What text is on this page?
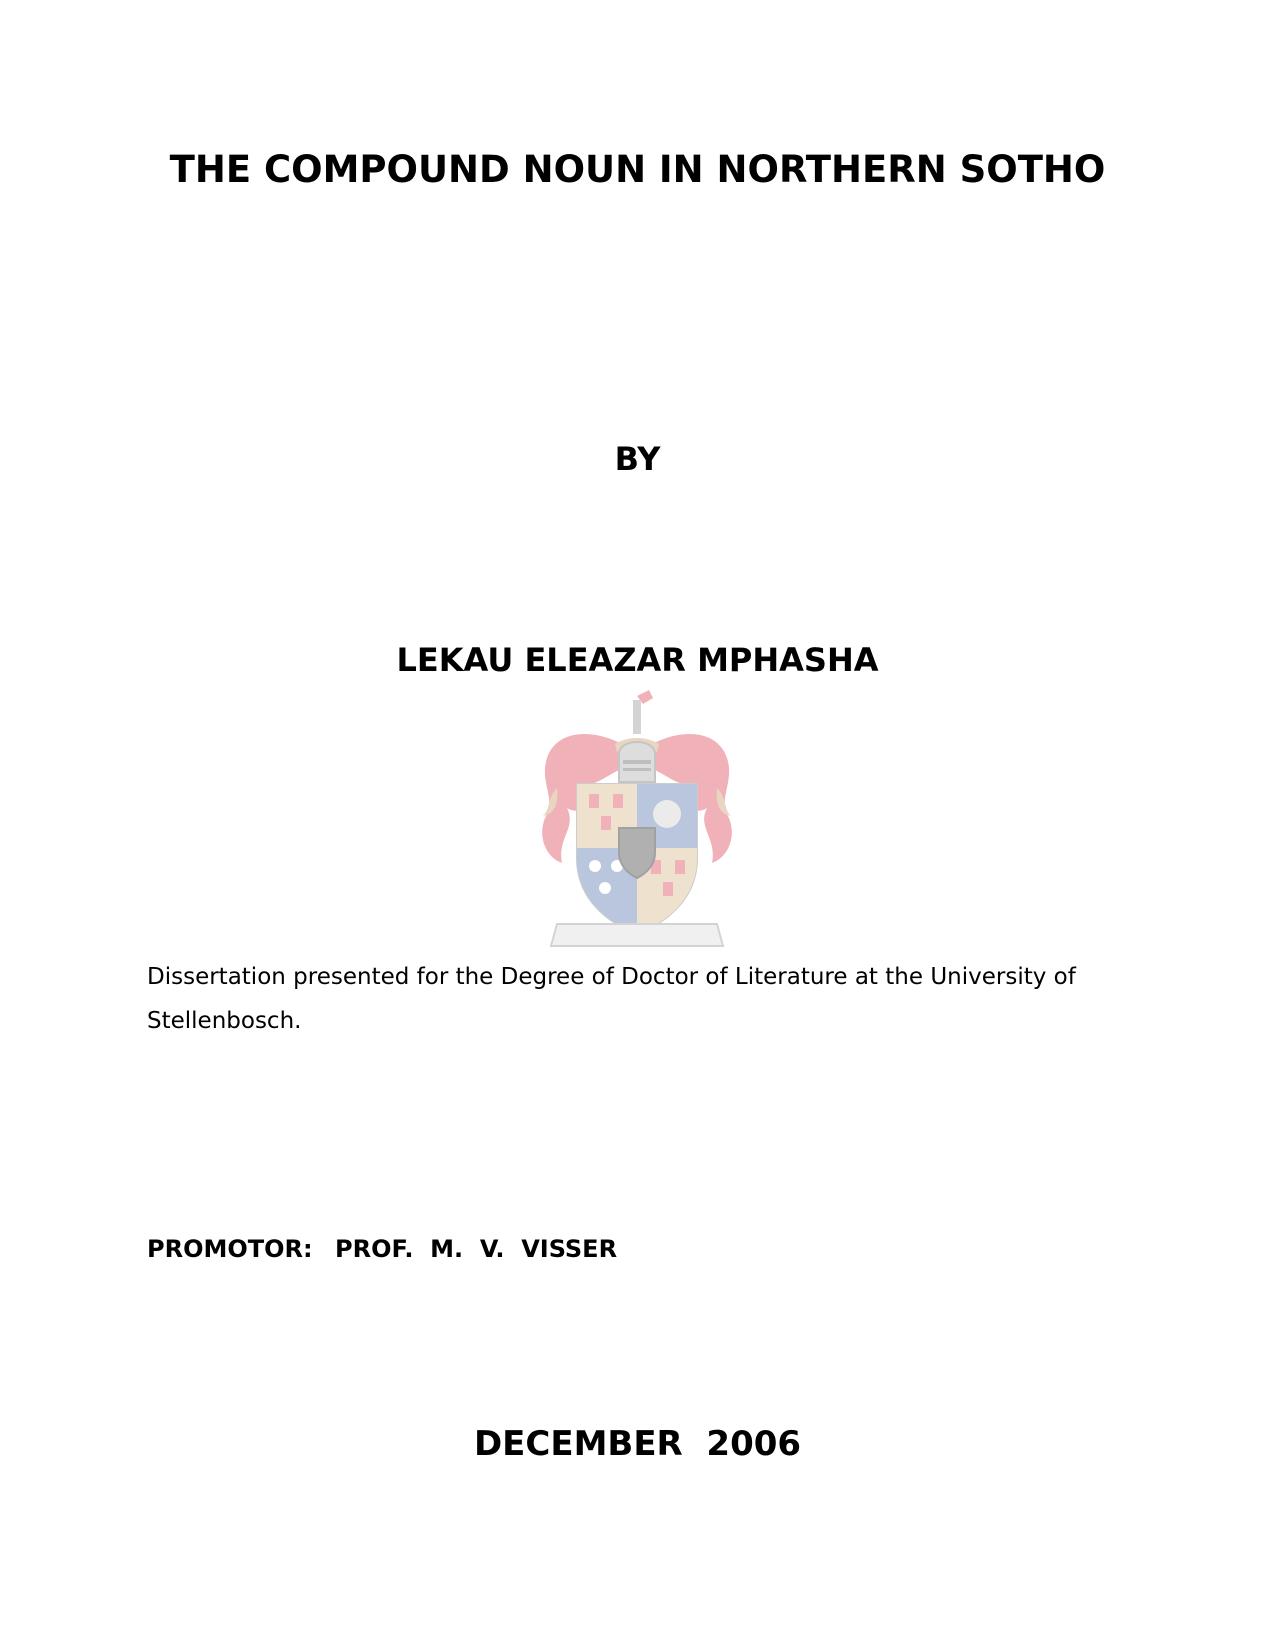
THE COMPOUND NOUN IN NORTHERN SOTHO
BY
LEKAU ELEAZAR MPHASHA
Dissertation presented for the Degree of Doctor of Literature at the University of
Stellenbosch.
PROMOTOR: PROF.  M.  V.  VISSER
DECEMBER  2006
